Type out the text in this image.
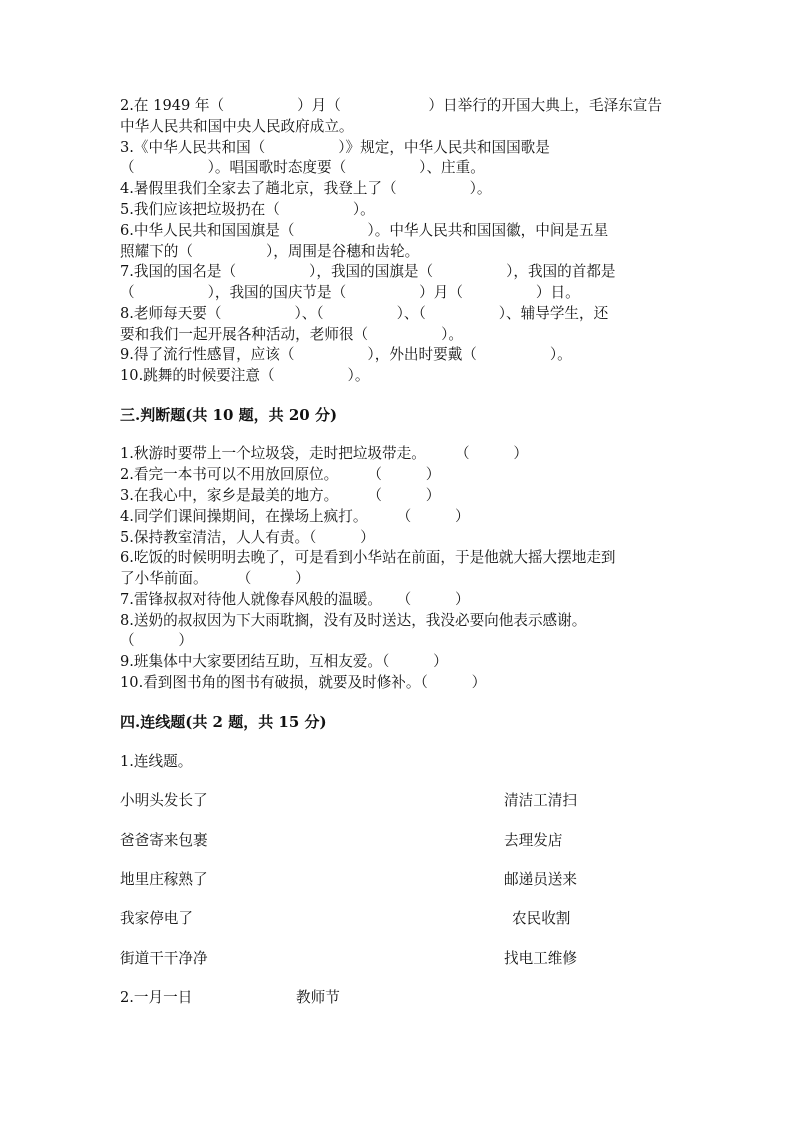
2.在 1949 年（　　　　　）月（　　　　　　）日举行的开国大典上，毛泽东宣告
中华人民共和国中央人民政府成立。
3.《中华人民共和国（　　　　　）》规定，中华人民共和国国歌是
（　　　　　）。唱国歌时态度要（　　　　　）、庄重。
4.暑假里我们全家去了趟北京，我登上了（　　　　　）。
5.我们应该把垃圾扔在（　　　　　）。
6.中华人民共和国国旗是（　　　　　）。中华人民共和国国徽，中间是五星
照耀下的（　　　　　），周围是谷穗和齿轮。
7.我国的国名是（　　　　　），我国的国旗是（　　　　　），我国的首都是
（　　　　　），我国的国庆节是（　　　　　）月（　　　　　）日。
8.老师每天要（　　　　　）、（　　　　　）、（　　　　　）、辅导学生，还
要和我们一起开展各种活动，老师很（　　　　　）。
9.得了流行性感冒，应该（　　　　　），外出时要戴（　　　　　）。
10.跳舞的时候要注意（　　　　　）。
三.判断题(共 10 题，共 20 分)
1.秋游时要带上一个垃圾袋，走时把垃圾带走。　　　（　　　）
2.看完一本书可以不用放回原位。　　　（　　　）
3.在我心中，家乡是最美的地方。　　　（　　　）
4.同学们课间操期间，在操场上疯打。　　　（　　　）
5.保持教室清洁，人人有责。（　　　）
6.吃饭的时候明明去晚了，可是看到小华站在前面，于是他就大摇大摆地走到
了小华前面。　　　（　　　）
7.雷锋叔叔对待他人就像春风般的温暖。　　（　　　）
8.送奶的叔叔因为下大雨耽搁，没有及时送达，我没必要向他表示感谢。
（　　　）
9.班集体中大家要团结互助，互相友爱。（　　　）
10.看到图书角的图书有破损，就要及时修补。（　　　）
四.连线题(共 2 题，共 15 分)
1.连线题。
小明头发长了	清洁工清扫
爸爸寄来包裹	去理发店
地里庄稼熟了	邮递员送来
我家停电了	农民收割
街道干干净净	找电工维修
2.一月一日	教师节
